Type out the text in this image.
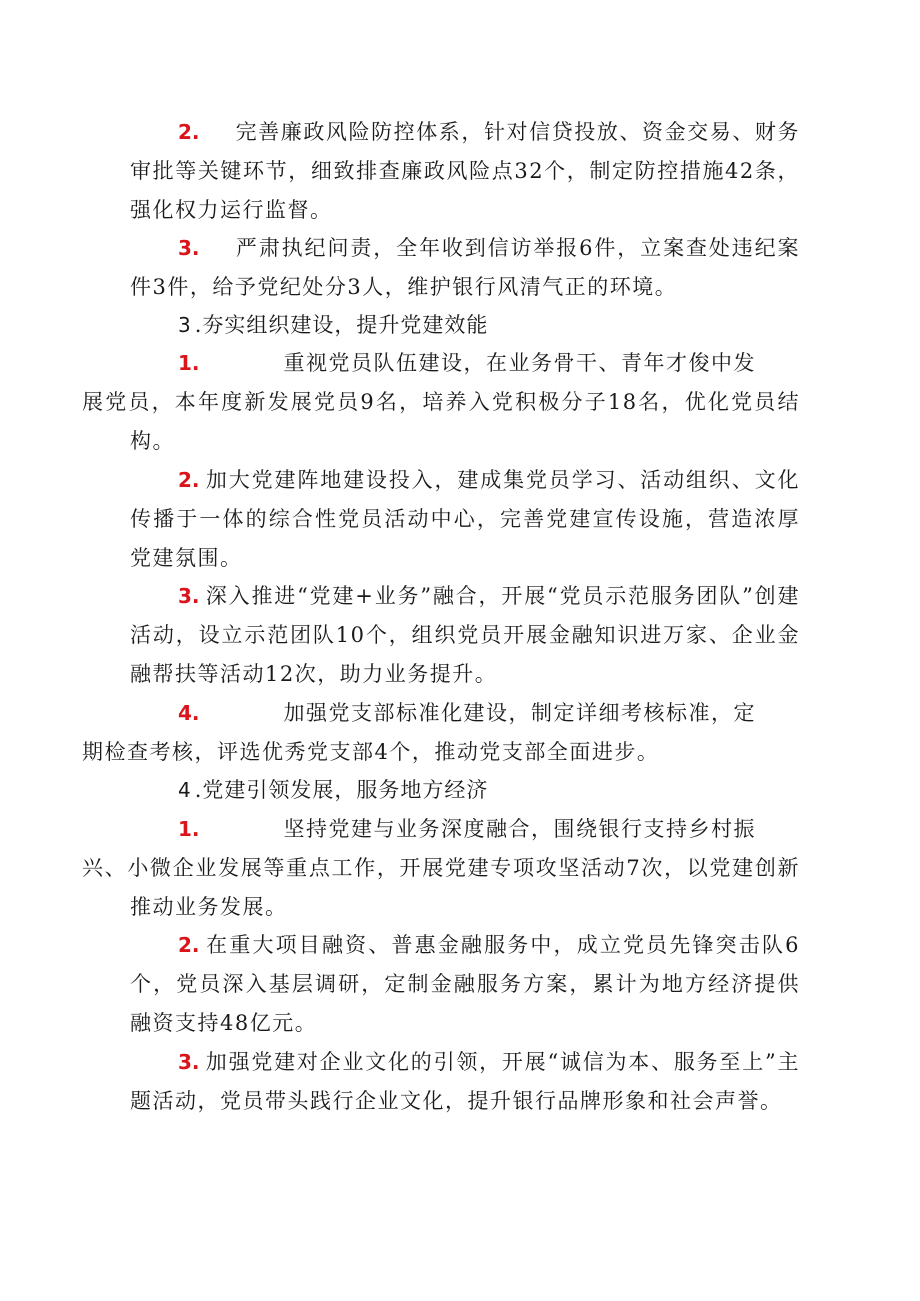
2. 完善廉政风险防控体系，针对信贷投放、资金交易、财务审批等关键环节，细致排查廉政风险点32个，制定防控措施42条，强化权力运行监督。

3. 严肃执纪问责，全年收到信访举报6件，立案查处违纪案件3件，给予党纪处分3人，维护银行风清气正的环境。

3 .夯实组织建设，提升党建效能

1.	重视党员队伍建设，在业务骨干、青年才俊中发
展党员，本年度新发展党员9名，培养入党积极分子18名，优化党员结构。

2. 加大党建阵地建设投入，建成集党员学习、活动组织、文化传播于一体的综合性党员活动中心，完善党建宣传设施，营造浓厚党建氛围。

3. 深入推进“党建+业务”融合，开展“党员示范服务团队”创建活动，设立示范团队10个，组织党员开展金融知识进万家、企业金融帮扶等活动12次，助力业务提升。

4.	加强党支部标准化建设，制定详细考核标准，定
期检查考核，评选优秀党支部4个，推动党支部全面进步。

4 .党建引领发展，服务地方经济

1.	坚持党建与业务深度融合，围绕银行支持乡村振
兴、小微企业发展等重点工作，开展党建专项攻坚活动7次，以党建创新推动业务发展。

2. 在重大项目融资、普惠金融服务中，成立党员先锋突击队6个，党员深入基层调研，定制金融服务方案，累计为地方经济提供融资支持48亿元。

3. 加强党建对企业文化的引领，开展“诚信为本、服务至上”主题活动，党员带头践行企业文化，提升银行品牌形象和社会声誉。
